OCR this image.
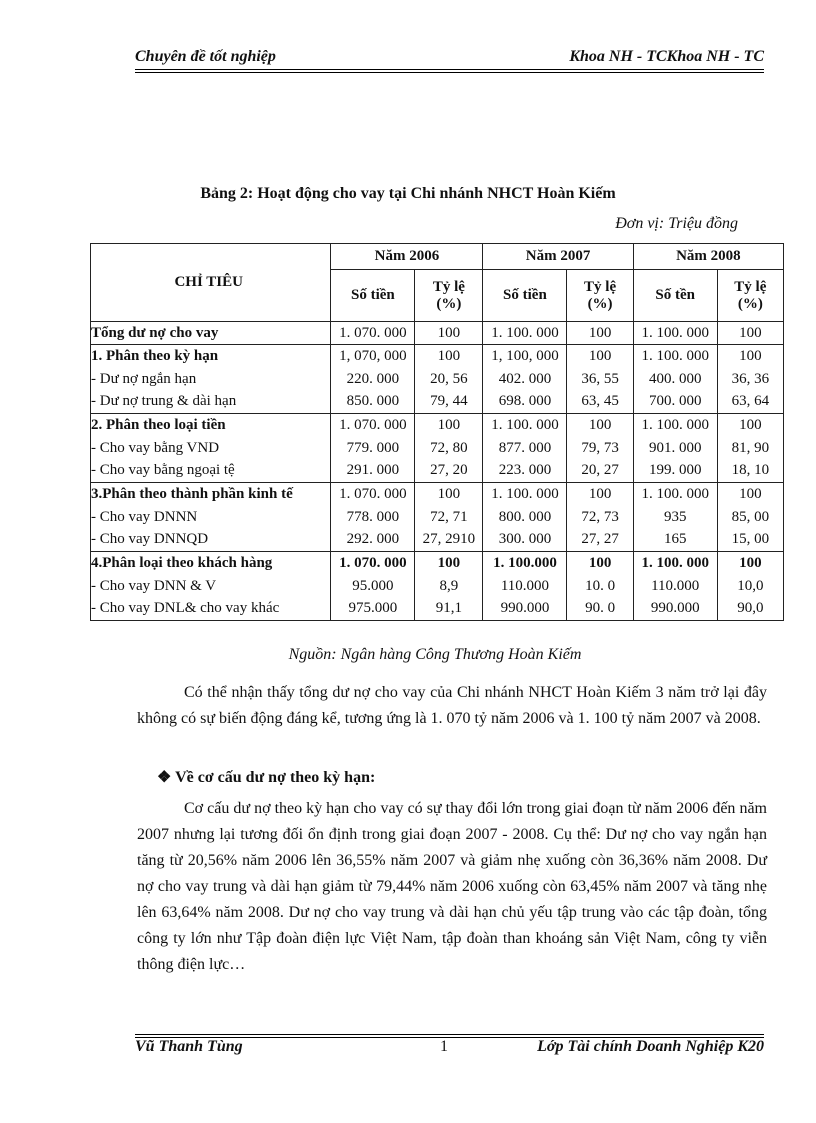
Chuyên đề tốt nghiệp	Khoa NH - TCKhoa NH - TC
Bảng 2: Hoạt động cho vay tại Chi nhánh NHCT Hoàn Kiếm
Đơn vị: Triệu đồng
CHỈ TIÊU	Năm 2006		Năm 2007		Năm 2008	
	Số tiền	Tỷ lệ (%)	Số tiền	Tỷ lệ (%)	Số tền	Tỷ lệ (%)
Tổng dư nợ cho vay	1. 070. 000	100	1. 100. 000	100	1. 100. 000	100
1. Phân theo kỳ hạn	1, 070, 000	100	1, 100, 000	100	1. 100. 000	100
- Dư nợ ngắn hạn	220. 000	20, 56	402. 000	36, 55	400. 000	36, 36
- Dư nợ trung & dài hạn	850. 000	79, 44	698. 000	63, 45	700. 000	63, 64
2. Phân theo loại tiền	1. 070. 000	100	1. 100. 000	100	1. 100. 000	100
- Cho vay bằng VND	779. 000	72, 80	877. 000	79, 73	901. 000	81, 90
- Cho vay bằng ngoại tệ	291. 000	27, 20	223. 000	20, 27	199. 000	18, 10
3.Phân theo thành phần kinh tế	1. 070. 000	100	1. 100. 000	100	1. 100. 000	100
- Cho vay DNNN	778. 000	72, 71	800. 000	72, 73	935	85, 00
- Cho vay DNNQD	292. 000	27, 2910	300. 000	27, 27	165	15, 00
4.Phân loại theo khách hàng	1. 070. 000	100	1. 100.000	100	1. 100. 000	100
- Cho vay DNN & V	95.000	8,9	110.000	10. 0	110.000	10,0
- Cho vay DNL& cho vay khác	975.000	91,1	990.000	90. 0	990.000	90,0
Nguồn: Ngân hàng Công Thương Hoàn Kiếm
Có thể nhận thấy tổng dư nợ cho vay của Chi nhánh NHCT Hoàn Kiếm 3 năm trở lại đây không có sự biến động đáng kể, tương ứng là 1. 070 tỷ năm 2006 và 1. 100 tỷ năm 2007 và 2008.
❖ Về cơ cấu dư nợ theo kỳ hạn:
Cơ cấu dư nợ theo kỳ hạn cho vay có sự thay đổi lớn trong giai đoạn từ năm 2006 đến năm 2007 nhưng lại tương đối ổn định trong giai đoạn 2007 - 2008. Cụ thể: Dư nợ cho vay ngắn hạn tăng từ 20,56% năm 2006 lên 36,55% năm 2007 và giảm nhẹ xuống còn 36,36% năm 2008. Dư nợ cho vay trung và dài hạn giảm từ 79,44% năm 2006 xuống còn 63,45% năm 2007 và tăng nhẹ lên 63,64% năm 2008. Dư nợ cho vay trung và dài hạn chủ yếu tập trung vào các tập đoàn, tổng công ty lớn như Tập đoàn điện lực Việt Nam, tập đoàn than khoáng sản Việt Nam, công ty viễn thông điện lực…
Vũ Thanh Tùng	1	Lớp Tài chính Doanh Nghiệp K20
